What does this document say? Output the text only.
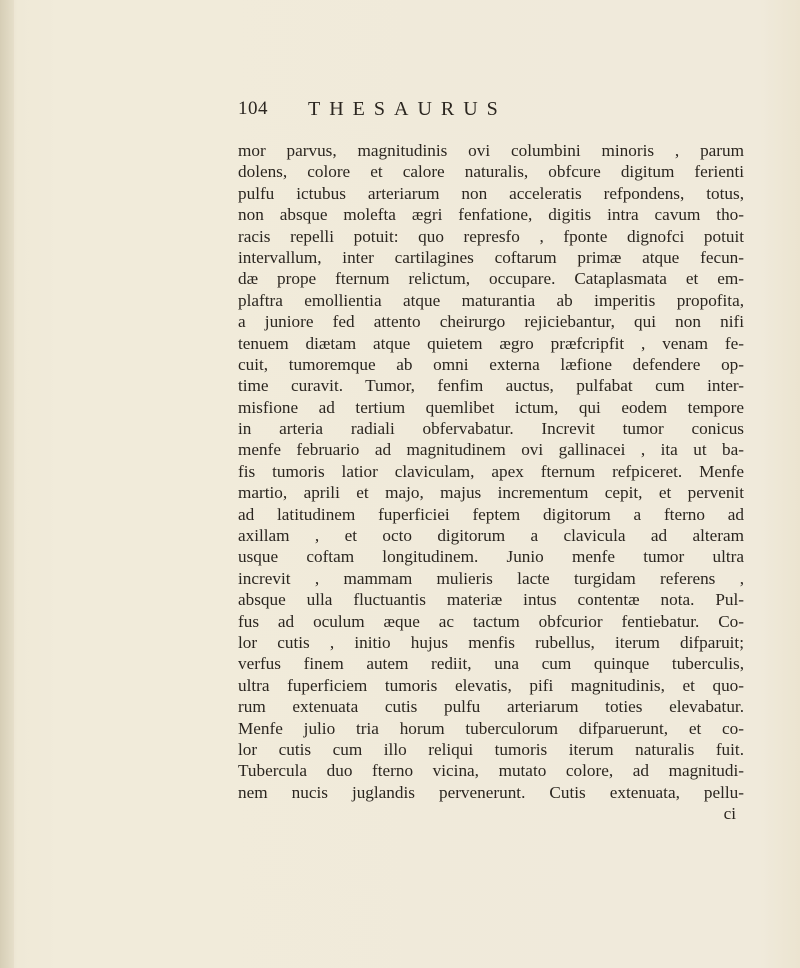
104 THESAURUS
mor parvus, magnitudinis ovi columbini minoris , parum
dolens, colore et calore naturalis, obfcure digitum ferienti
pulfu ictubus arteriarum non acceleratis refpondens, totus,
non absque molefta ægri fenfatione, digitis intra cavum tho-
racis repelli potuit: quo represfo , fponte dignofci potuit
intervallum, inter cartilagines coftarum primæ atque fecun-
dæ prope fternum relictum, occupare. Cataplasmata et em-
plaftra emollientia atque maturantia ab imperitis propofita,
a juniore fed attento cheirurgo rejiciebantur, qui non nifi
tenuem diætam atque quietem ægro præfcripfit , venam fe-
cuit, tumoremque ab omni externa læfione defendere op-
time curavit. Tumor, fenfim auctus, pulfabat cum inter-
misfione ad tertium quemlibet ictum, qui eodem tempore
in arteria radiali obfervabatur. Increvit tumor conicus
menfe februario ad magnitudinem ovi gallinacei , ita ut ba-
fis tumoris latior claviculam, apex fternum refpiceret. Menfe
martio, aprili et majo, majus incrementum cepit, et pervenit
ad latitudinem fuperficiei feptem digitorum a fterno ad
axillam , et octo digitorum a clavicula ad alteram
usque coftam longitudinem. Junio menfe tumor ultra
increvit , mammam mulieris lacte turgidam referens ,
absque ulla fluctuantis materiæ intus contentæ nota. Pul-
fus ad oculum æque ac tactum obfcurior fentiebatur. Co-
lor cutis , initio hujus menfis rubellus, iterum difparuit;
verfus finem autem rediit, una cum quinque tuberculis,
ultra fuperficiem tumoris elevatis, pifi magnitudinis, et quo-
rum extenuata cutis pulfu arteriarum toties elevabatur.
Menfe julio tria horum tuberculorum difparuerunt, et co-
lor cutis cum illo reliqui tumoris iterum naturalis fuit.
Tubercula duo fterno vicina, mutato colore, ad magnitudi-
nem nucis juglandis pervenerunt. Cutis extenuata, pellu-
ci
